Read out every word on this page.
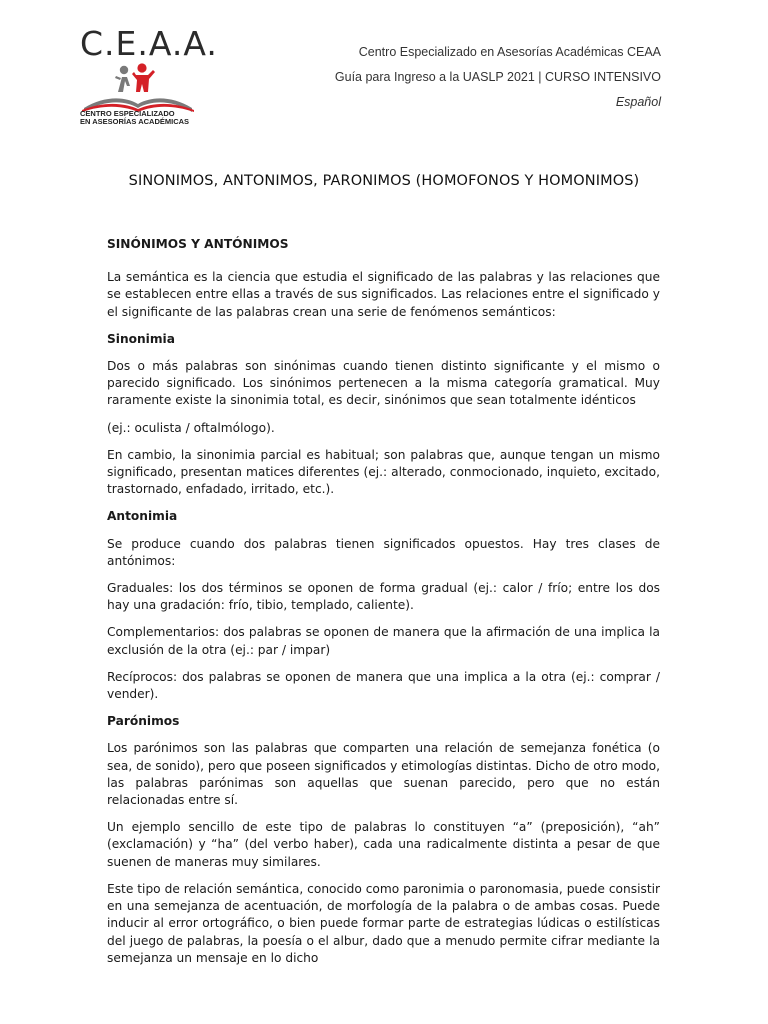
C.E.A.A.
CENTRO ESPECIALIZADO
EN ASESORÍAS ACADÉMICAS
Centro Especializado en Asesorías Académicas CEAA
Guía para Ingreso a la UASLP 2021 | CURSO INTENSIVO
Español
SINONIMOS, ANTONIMOS, PARONIMOS (HOMOFONOS Y HOMONIMOS)

SINÓNIMOS Y ANTÓNIMOS

La semántica es la ciencia que estudia el significado de las palabras y las relaciones que se establecen entre ellas a través de sus significados. Las relaciones entre el significado y el significante de las palabras crean una serie de fenómenos semánticos:

Sinonimia

Dos o más palabras son sinónimas cuando tienen distinto significante y el mismo o parecido significado. Los sinónimos pertenecen a la misma categoría gramatical. Muy raramente existe la sinonimia total, es decir, sinónimos que sean totalmente idénticos

(ej.: oculista / oftalmólogo).

En cambio, la sinonimia parcial es habitual; son palabras que, aunque tengan un mismo significado, presentan matices diferentes (ej.: alterado, conmocionado, inquieto, excitado, trastornado, enfadado, irritado, etc.).

Antonimia

Se produce cuando dos palabras tienen significados opuestos. Hay tres clases de antónimos:

Graduales: los dos términos se oponen de forma gradual (ej.: calor / frío; entre los dos hay una gradación: frío, tibio, templado, caliente).

Complementarios: dos palabras se oponen de manera que la afirmación de una implica la exclusión de la otra (ej.: par / impar)

Recíprocos: dos palabras se oponen de manera que una implica a la otra (ej.: comprar / vender).

Parónimos

Los parónimos son las palabras que comparten una relación de semejanza fonética (o sea, de sonido), pero que poseen significados y etimologías distintas. Dicho de otro modo, las palabras parónimas son aquellas que suenan parecido, pero que no están relacionadas entre sí.

Un ejemplo sencillo de este tipo de palabras lo constituyen “a” (preposición), “ah” (exclamación) y “ha” (del verbo haber), cada una radicalmente distinta a pesar de que suenen de maneras muy similares.

Este tipo de relación semántica, conocido como paronimia o paronomasia, puede consistir en una semejanza de acentuación, de morfología de la palabra o de ambas cosas. Puede inducir al error ortográfico, o bien puede formar parte de estrategias lúdicas o estilísticas del juego de palabras, la poesía o el albur, dado que a menudo permite cifrar mediante la semejanza un mensaje en lo dicho
